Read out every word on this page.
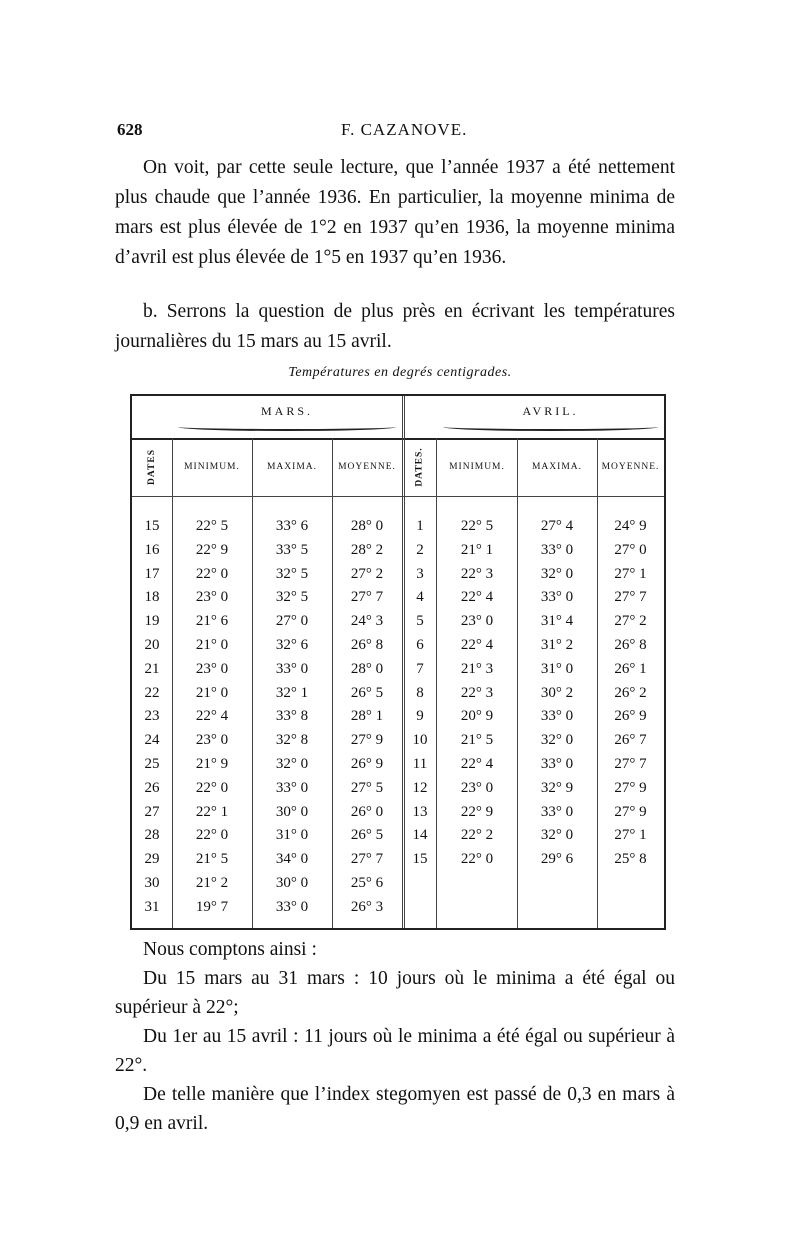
628	F. CAZANOVE.
On voit, par cette seule lecture, que l’année 1937 a été nettement plus chaude que l’année 1936. En particulier, la moyenne minima de mars est plus élevée de 1°2 en 1937 qu’en 1936, la moyenne minima d’avril est plus élevée de 1°5 en 1937 qu’en 1936.
b. Serrons la question de plus près en écrivant les températures journalières du 15 mars au 15 avril.
Températures en degrés centigrades.
MARS.	AVRIL.
DATES	MINIMUM.	MAXIMA.	MOYENNE.	DATES.	MINIMUM.	MAXIMA.	MOYENNE.
15	22° 5	33° 6	28° 0	1	22° 5	27° 4	24° 9
16	22° 9	33° 5	28° 2	2	21° 1	33° 0	27° 0
17	22° 0	32° 5	27° 2	3	22° 3	32° 0	27° 1
18	23° 0	32° 5	27° 7	4	22° 4	33° 0	27° 7
19	21° 6	27° 0	24° 3	5	23° 0	31° 4	27° 2
20	21° 0	32° 6	26° 8	6	22° 4	31° 2	26° 8
21	23° 0	33° 0	28° 0	7	21° 3	31° 0	26° 1
22	21° 0	32° 1	26° 5	8	22° 3	30° 2	26° 2
23	22° 4	33° 8	28° 1	9	20° 9	33° 0	26° 9
24	23° 0	32° 8	27° 9	10	21° 5	32° 0	26° 7
25	21° 9	32° 0	26° 9	11	22° 4	33° 0	27° 7
26	22° 0	33° 0	27° 5	12	23° 0	32° 9	27° 9
27	22° 1	30° 0	26° 0	13	22° 9	33° 0	27° 9
28	22° 0	31° 0	26° 5	14	22° 2	32° 0	27° 1
29	21° 5	34° 0	27° 7	15	22° 0	29° 6	25° 8
30	21° 2	30° 0	25° 6
31	19° 7	33° 0	26° 3
Nous comptons ainsi :
Du 15 mars au 31 mars : 10 jours où le minima a été égal ou supérieur à 22°;
Du 1er au 15 avril : 11 jours où le minima a été égal ou supérieur à 22°.
De telle manière que l’index stegomyen est passé de 0,3 en mars à 0,9 en avril.
